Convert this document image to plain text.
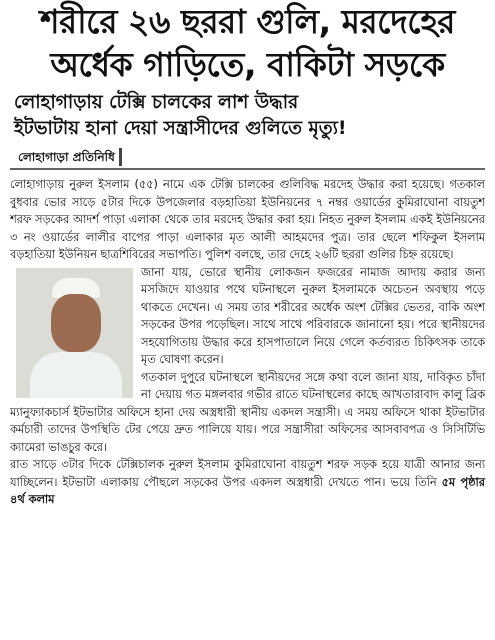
শরীরে ২৬ ছররা গুলি, মরদেহের
অর্ধেক গাড়িতে, বাকিটা সড়কে
লোহাগাড়ায় টেক্সি চালকের লাশ উদ্ধার
ইটভাটায় হানা দেয়া সন্ত্রাসীদের গুলিতে মৃত্যু!
লোহাগাড়া প্রতিনিধি

লোহাগাড়ায় নুরুল ইসলাম (৫৫) নামে এক টেক্সি চালকের গুলিবিদ্ধ মরদেহ উদ্ধার করা হয়েছে। গতকাল বুধবার ভোর সাড়ে ৫টার দিকে উপজেলার বড়হাতিয়া ইউনিয়নের ৭ নম্বর ওয়ার্ডের কুমিরাঘোনা বায়তুশ শরফ সড়কের আদর্শ পাড়া এলাকা থেকে তার মরদেহ উদ্ধার করা হয়। নিহত নুরুল ইসলাম একই ইউনিয়নের ৩ নং ওয়ার্ডের লালীর বাপের পাড়া এলাকার মৃত আলী আহমদের পুত্র। তার ছেলে শফিকুল ইসলাম বড়হাতিয়া ইউনিয়ন ছাত্রশিবিরের সভাপতি। পুলিশ বলছে, তার দেহে ২৬টি ছররা গুলির চিহ্ন রয়েছে।

জানা যায়, ভোরে স্থানীয় লোকজন ফজরের নামাজ আদায় করার জন্য মসজিদে যাওয়ার পথে ঘটনাস্থলে নুরুল ইসলামকে অচেতন অবস্থায় পড়ে থাকতে দেখেন। এ সময় তার শরীরের অর্ধেক অংশ টেক্সির ভেতর, বাকি অংশ সড়কের উপর পড়েছিল। সাথে সাথে পরিবারকে জানানো হয়। পরে স্থানীয়দের সহযোগিতায় উদ্ধার করে হাসপাতালে নিয়ে গেলে কর্তব্যরত চিকিৎসক তাকে মৃত ঘোষণা করেন।

গতকাল দুপুরে ঘটনাস্থলে স্থানীয়দের সঙ্গে কথা বলে জানা যায়, দাবিকৃত চাঁদা না দেয়ায় গত মঙ্গলবার গভীর রাতে ঘটনাস্থলের কাছে আখতারাবাদ কালু ব্রিক ম্যানুফ্যাকচার্স ইটভাটার অফিসে হানা দেয় অস্ত্রধারী স্থানীয় একদল সন্ত্রাসী। এ সময় অফিসে থাকা ইটভাটার কর্মচারী তাদের উপস্থিতি টের পেয়ে দ্রুত পালিয়ে যায়। পরে সন্ত্রাসীরা অফিসের আসবাবপত্র ও সিসিটিভি ক্যামেরা ভাঙচুর করে।

রাত সাড়ে ৩টার দিকে টেক্সিচালক নুরুল ইসলাম কুমিরাঘোনা বায়তুশ শরফ সড়ক হয়ে যাত্রী আনার জন্য যাচ্ছিলেন। ইটভাটা এলাকায় পৌছলে সড়কের উপর একদল অস্ত্রধারী দেখতে পান। ভয়ে তিনি ৫ম পৃষ্ঠার ৪র্থ কলাম
